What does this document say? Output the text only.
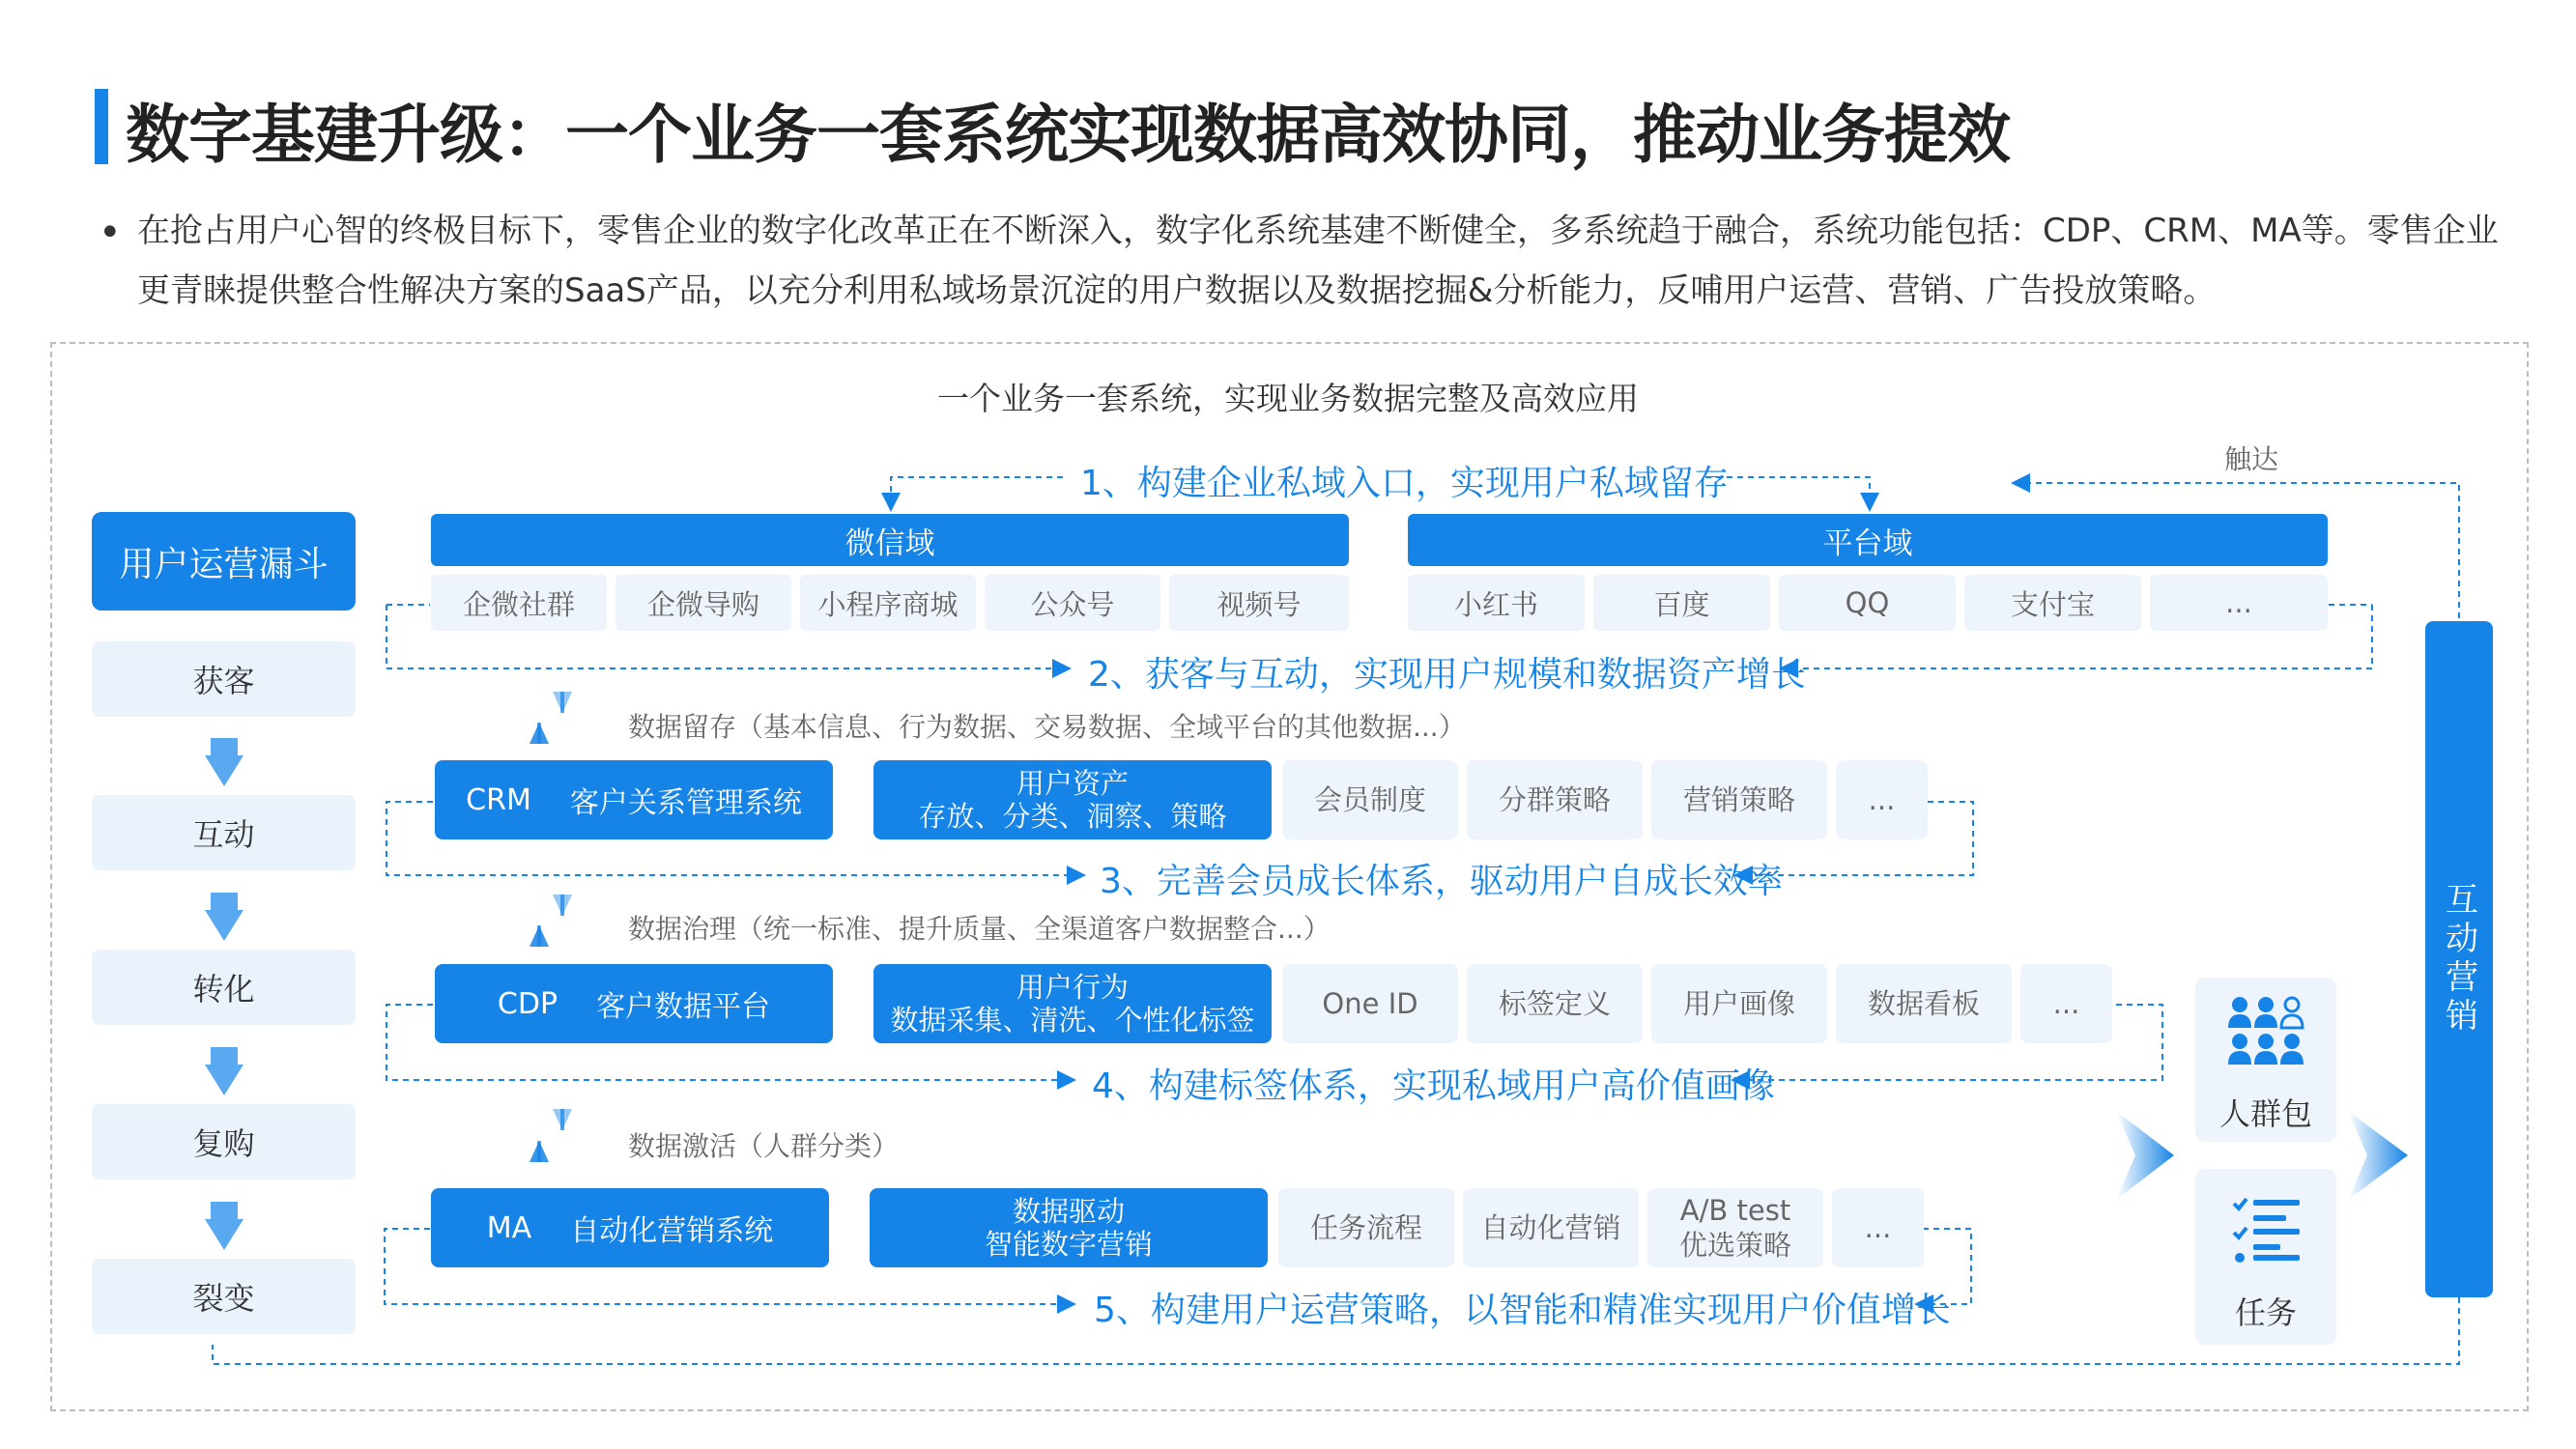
数字基建升级：一个业务一套系统实现数据高效协同，推动业务提效
• 在抢占用户心智的终极目标下，零售企业的数字化改革正在不断深入，数字化系统基建不断健全，多系统趋于融合，系统功能包括：CDP、CRM、MA等。零售企业更青睐提供整合性解决方案的SaaS产品，以充分利用私域场景沉淀的用户数据以及数据挖掘&分析能力，反哺用户运营、营销、广告投放策略。
一个业务一套系统，实现业务数据完整及高效应用
用户运营漏斗
获客
互动
转化
复购
裂变
1、构建企业私域入口，实现用户私域留存
触达
微信域
企微社群	企微导购	小程序商城	公众号	视频号
平台域
小红书	百度	QQ	支付宝	...
2、获客与互动，实现用户规模和数据资产增长
数据留存（基本信息、行为数据、交易数据、全域平台的其他数据...）
CRM 客户关系管理系统
用户资产
存放、分类、洞察、策略	会员制度	分群策略	营销策略	...
3、完善会员成长体系，驱动用户自成长效率
数据治理（统一标准、提升质量、全渠道客户数据整合...）
CDP 客户数据平台
用户行为
数据采集、清洗、个性化标签	One ID	标签定义	用户画像	数据看板	...
4、构建标签体系，实现私域用户高价值画像
数据激活（人群分类）
MA 自动化营销系统
数据驱动
智能数字营销	任务流程	自动化营销
A/B test
优选策略
...
5、构建用户运营策略，以智能和精准实现用户价值增长
人群包
任务
互动营销
